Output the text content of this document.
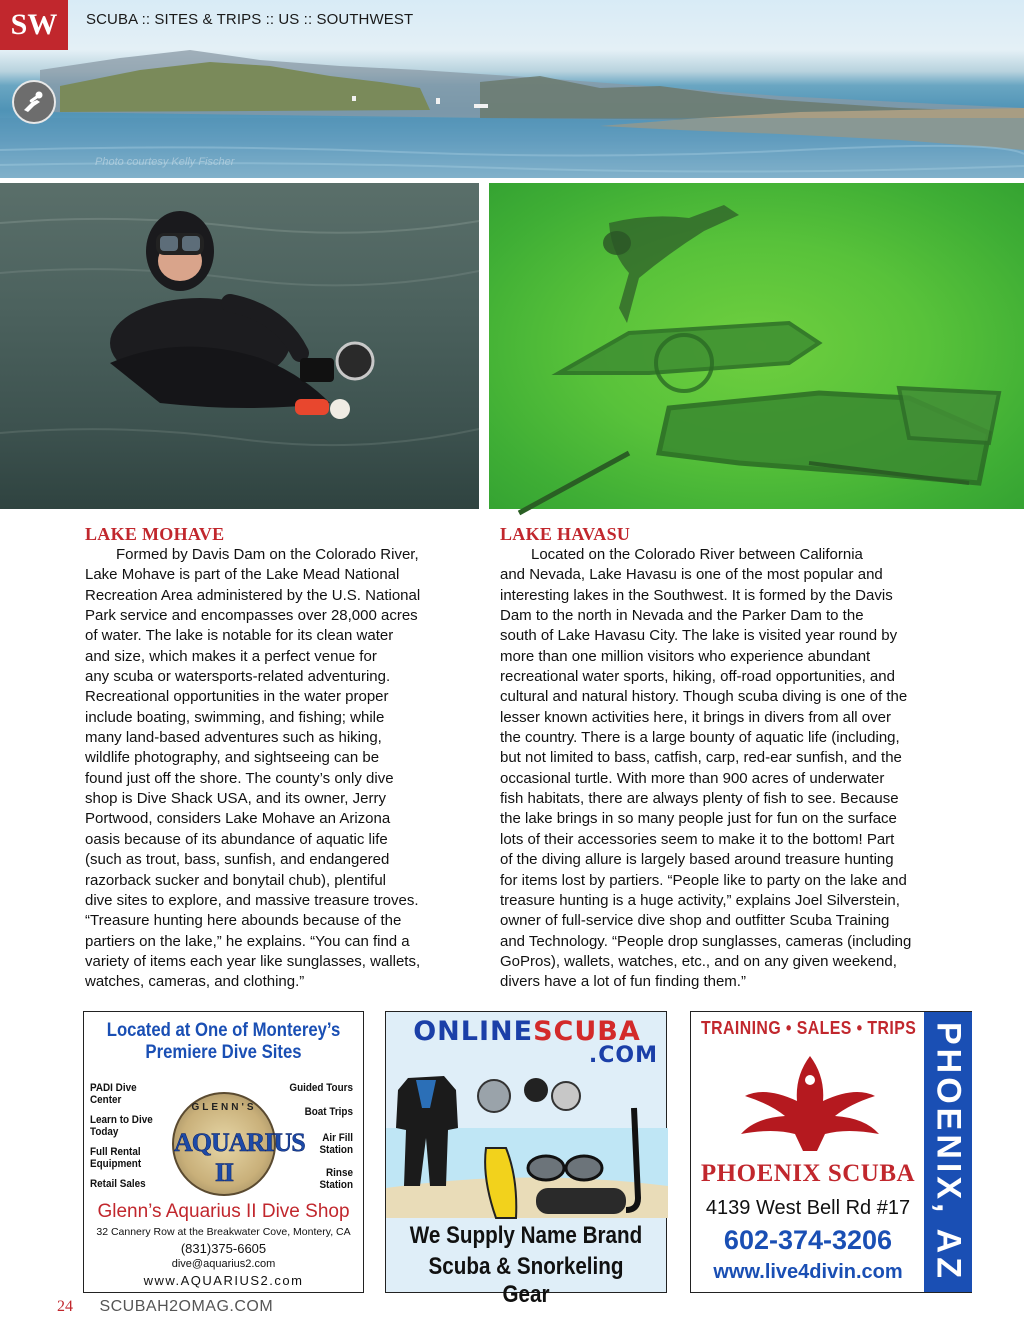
SW	SCUBA :: SITES & TRIPS :: US :: SOUTHWEST
Photo courtesy Kelly Fischer
LAKE MOHAVE

Formed by Davis Dam on the Colorado River,
Lake Mohave is part of the Lake Mead National
Recreation Area administered by the U.S. National
Park service and encompasses over 28,000 acres
of water. The lake is notable for its clean water
and size, which makes it a perfect venue for
any scuba or watersports-related adventuring.
Recreational opportunities in the water proper
include boating, swimming, and fishing; while
many land-based adventures such as hiking,
wildlife photography, and sightseeing can be
found just off the shore. The county’s only dive
shop is Dive Shack USA, and its owner, Jerry
Portwood, considers Lake Mohave an Arizona
oasis because of its abundance of aquatic life
(such as trout, bass, sunfish, and endangered
razorback sucker and bonytail chub), plentiful
dive sites to explore, and massive treasure troves.
“Treasure hunting here abounds because of the
partiers on the lake,” he explains. “You can find a
variety of items each year like sunglasses, wallets,
watches, cameras, and clothing.”

LAKE HAVASU

Located on the Colorado River between California
and Nevada, Lake Havasu is one of the most popular and
interesting lakes in the Southwest. It is formed by the Davis
Dam to the north in Nevada and the Parker Dam to the
south of Lake Havasu City. The lake is visited year round by
more than one million visitors who experience abundant
recreational water sports, hiking, off-road opportunities, and
cultural and natural history. Though scuba diving is one of the
lesser known activities here, it brings in divers from all over
the country. There is a large bounty of aquatic life (including,
but not limited to bass, catfish, carp, red-ear sunfish, and the
occasional turtle. With more than 900 acres of underwater
fish habitats, there are always plenty of fish to see. Because
the lake brings in so many people just for fun on the surface
lots of their accessories seem to make it to the bottom! Part
of the diving allure is largely based around treasure hunting
for items lost by partiers. “People like to party on the lake and
treasure hunting is a huge activity,” explains Joel Silverstein,
owner of full-service dive shop and outfitter Scuba Training
and Technology. “People drop sunglasses, cameras (including
GoPros), wallets, watches, etc., and on any given weekend,
divers have a lot of fun finding them.”

Located at One of Monterey’s
Premiere Dive Sites
PADI Dive Center
Learn to Dive Today
Full Rental Equipment
Retail Sales
Guided Tours
Boat Trips
Air Fill Station
Rinse Station
GLENN'S
AQUARIUS II
Glenn’s Aquarius II Dive Shop
32 Cannery Row at the Breakwater Cove, Montery, CA
(831)375-6605
dive@aquarius2.com
www.AQUARIUS2.com
ONLINESCUBA
.COM
We Supply Name Brand
Scuba & Snorkeling Gear
TRAINING • SALES • TRIPS
PHOENIX SCUBA
4139 West Bell Rd #17
602-374-3206
www.live4divin.com PHOENIX, AZ
24 SCUBAH2OMAG.COM
